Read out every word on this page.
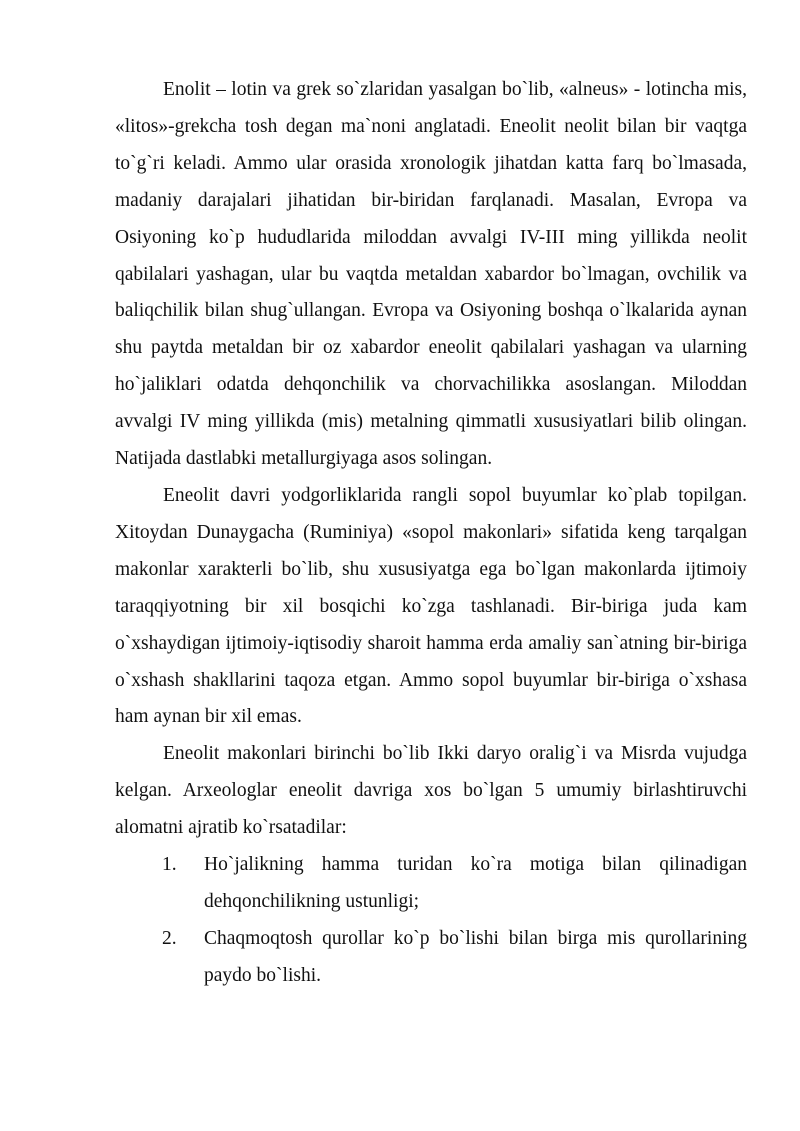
Enolit – lotin va grek so`zlaridan yasalgan bo`lib, «alneus» - lotincha mis, «litos»-grekcha tosh degan ma`noni anglatadi. Eneolit neolit bilan bir vaqtga to`g`ri keladi. Ammo ular orasida xronologik jihatdan katta farq bo`lmasada, madaniy darajalari jihatidan bir-biridan farqlanadi. Masalan, Evropa va Osiyoning ko`p hududlarida miloddan avvalgi IV-III ming yillikda neolit qabilalari yashagan, ular bu vaqtda metaldan xabardor bo`lmagan, ovchilik va baliqchilik bilan shug`ullangan. Evropa va Osiyoning boshqa o`lkalarida aynan shu paytda metaldan bir oz xabardor eneolit qabilalari yashagan va ularning ho`jaliklari odatda dehqonchilik va chorvachilikka asoslangan. Miloddan avvalgi IV ming yillikda (mis) metalning qimmatli xususiyatlari bilib olingan. Natijada dastlabki metallurgiyaga asos solingan.

Eneolit davri yodgorliklarida rangli sopol buyumlar ko`plab topilgan. Xitoydan Dunaygacha (Ruminiya) «sopol makonlari» sifatida keng tarqalgan makonlar xarakterli bo`lib, shu xususiyatga ega bo`lgan makonlarda ijtimoiy taraqqiyotning bir xil bosqichi ko`zga tashlanadi. Bir-biriga juda kam o`xshaydigan ijtimoiy-iqtisodiy sharoit hamma erda amaliy san`atning bir-biriga o`xshash shakllarini taqoza etgan. Ammo sopol buyumlar bir-biriga o`xshasa ham aynan bir xil emas.

Eneolit makonlari birinchi bo`lib Ikki daryo oralig`i va Misrda vujudga kelgan. Arxeologlar eneolit davriga xos bo`lgan 5 umumiy birlashtiruvchi alomatni ajratib ko`rsatadilar:

1. Ho`jalikning hamma turidan ko`ra motiga bilan qilinadigan dehqonchilikning ustunligi;
2. Chaqmoqtosh qurollar ko`p bo`lishi bilan birga mis qurollarining paydo bo`lishi.
